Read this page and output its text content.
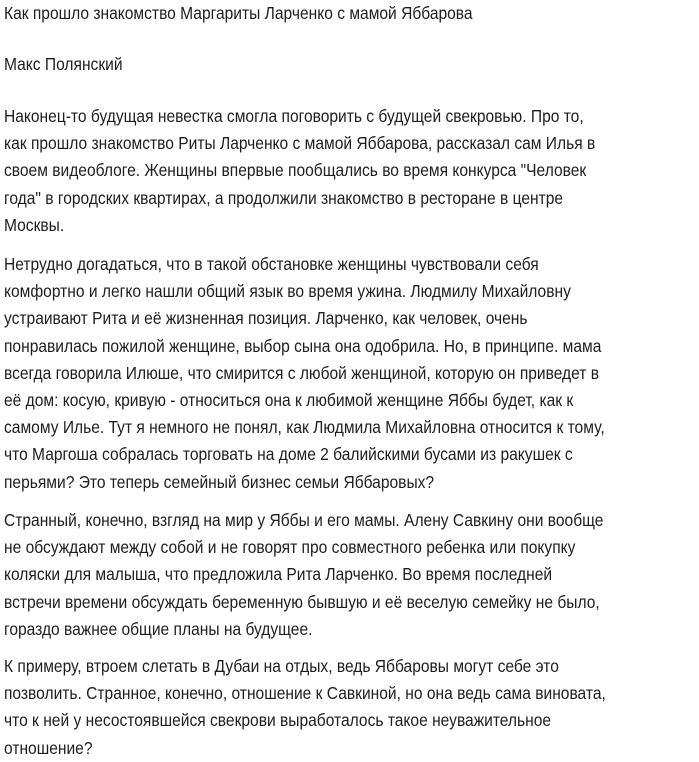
Как прошло знакомство Маргариты Ларченко с мамой Яббарова
Макс Полянский

Наконец-то будущая невестка смогла поговорить с будущей свекровью. Про то,
как прошло знакомство Риты Ларченко с мамой Яббарова, рассказал сам Илья в
своем видеоблоге. Женщины впервые пообщались во время конкурса "Человек
года" в городских квартирах, а продолжили знакомство в ресторане в центре
Москвы.

Нетрудно догадаться, что в такой обстановке женщины чувствовали себя
комфортно и легко нашли общий язык во время ужина. Людмилу Михайловну
устраивают Рита и её жизненная позиция. Ларченко, как человек, очень
понравилась пожилой женщине, выбор сына она одобрила. Но, в принципе. мама
всегда говорила Илюше, что смирится с любой женщиной, которую он приведет в
её дом: косую, кривую - относиться она к любимой женщине Яббы будет, как к
самому Илье. Тут я немного не понял, как Людмила Михайловна относится к тому,
что Маргоша собралась торговать на доме 2 балийскими бусами из ракушек с
перьями? Это теперь семейный бизнес семьи Яббаровых?

Странный, конечно, взгляд на мир у Яббы и его мамы. Алену Савкину они вообще
не обсуждают между собой и не говорят про совместного ребенка или покупку
коляски для малыша, что предложила Рита Ларченко. Во время последней
встречи времени обсуждать беременную бывшую и её веселую семейку не было,
гораздо важнее общие планы на будущее.

К примеру, втроем слетать в Дубаи на отдых, ведь Яббаровы могут себе это
позволить. Странное, конечно, отношение к Савкиной, но она ведь сама виновата,
что к ней у несостоявшейся свекрови выработалось такое неуважительное
отношение?
